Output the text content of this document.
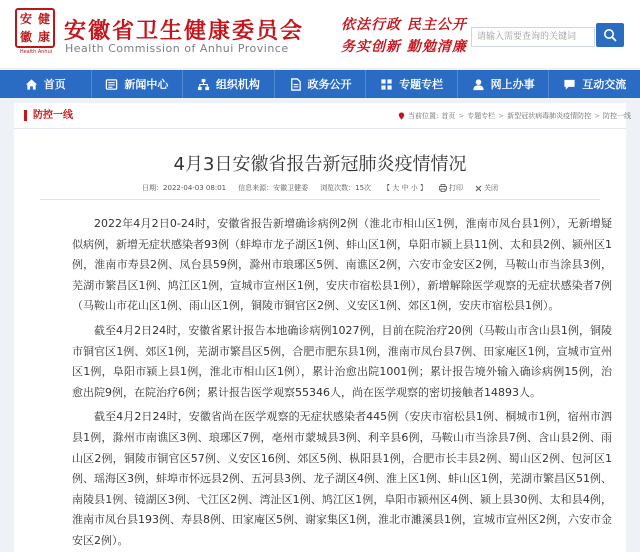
安 健
徽 康
Health Anhui
安徽省卫生健康委员会
Health Commission of Anhui Province
依法行政 民主公开
务实创新 勤勉清廉
请输入需要查询的关键词
首页	新闻中心	组织机构	政务公开	专题专栏	网上办事	互动交流
防控一线	当前位置: 首页 > 专题专栏 > 新型冠状病毒肺炎疫情防控 > 防控一线
4月3日安徽省报告新冠肺炎疫情情况
日期：2022-04-03 08:01 信息来源：安徽卫健委 浏览次数：15次 【 大 中 小 】	打印	关闭

2022年4月2日0-24时，安徽省报告新增确诊病例2例（淮北市相山区1例，淮南市凤台县1例），无新增疑似病例，新增无症状感染者93例（蚌埠市龙子湖区1例、蚌山区1例，阜阳市颍上县11例、太和县2例、颍州区1例，淮南市寿县2例、凤台县59例，滁州市琅琊区5例、南谯区2例，六安市金安区2例，马鞍山市当涂县3例，芜湖市繁昌区1例、鸠江区1例，宣城市宣州区1例，安庆市宿松县1例），新增解除医学观察的无症状感染者7例（马鞍山市花山区1例、雨山区1例，铜陵市铜官区2例、义安区1例、郊区1例，安庆市宿松县1例）。

截至4月2日24时，安徽省累计报告本地确诊病例1027例，目前在院治疗20例（马鞍山市含山县1例，铜陵市铜官区1例、郊区1例，芜湖市繁昌区5例，合肥市肥东县1例，淮南市凤台县7例、田家庵区1例，宣城市宣州区1例，阜阳市颍上县1例，淮北市相山区1例），累计治愈出院1001例；累计报告境外输入确诊病例15例，治愈出院9例，在院治疗6例；累计报告医学观察55346人，尚在医学观察的密切接触者14893人。

截至4月2日24时，安徽省尚在医学观察的无症状感染者445例（安庆市宿松县1例、桐城市1例，宿州市泗县1例，滁州市南谯区3例、琅琊区7例，亳州市蒙城县3例、利辛县6例，马鞍山市当涂县7例、含山县2例、雨山区2例，铜陵市铜官区57例、义安区16例、郊区5例、枞阳县1例，合肥市长丰县2例、蜀山区2例、包河区1例、瑶海区3例，蚌埠市怀远县2例、五河县3例、龙子湖区4例、淮上区1例、蚌山区1例，芜湖市繁昌区51例、南陵县1例、镜湖区3例、弋江区2例、湾沚区1例、鸠江区1例，阜阳市颍州区4例、颍上县30例、太和县4例，淮南市凤台县193例、寿县8例、田家庵区5例、谢家集区1例，淮北市濉溪县1例，宣城市宣州区2例，六安市金安区2例）。
